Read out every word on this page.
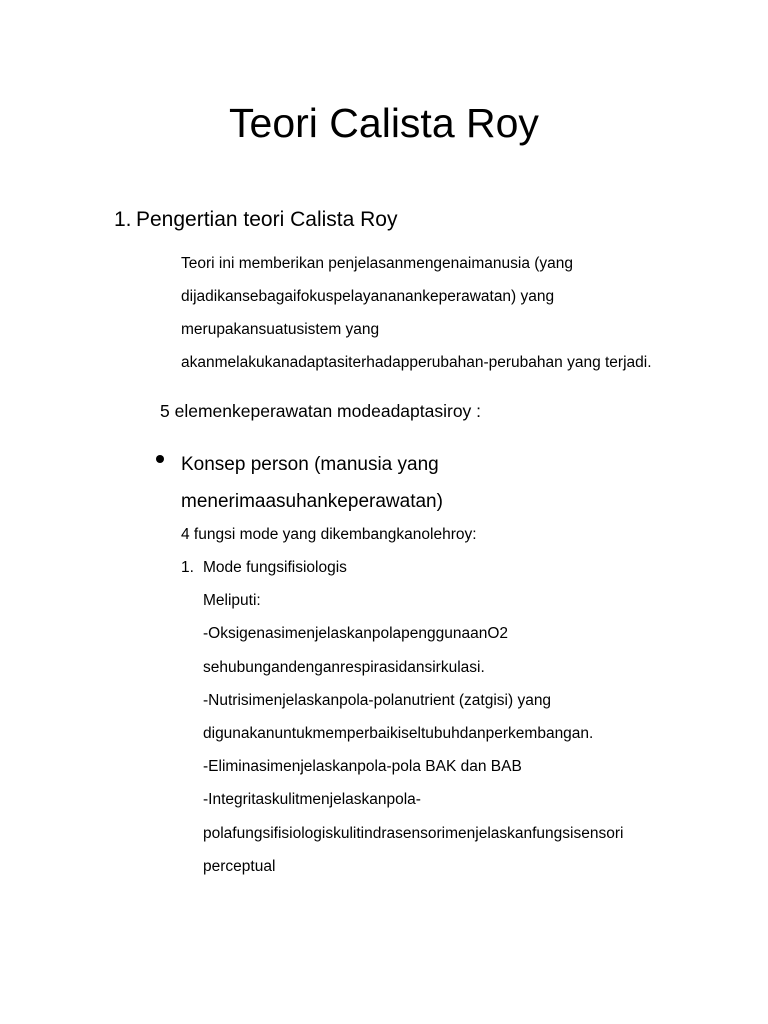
Teori Calista Roy
1. Pengertian teori Calista Roy
Teori ini memberikan penjelasanmengenaimanusia (yang
dijadikansebagaifokuspelayananankeperawatan) yang
merupakansuatusistem yang
akanmelakukanadaptasiterhadapperubahan-perubahan yang terjadi.
5 elemenkeperawatan modeadaptasiroy :
Konsep person (manusia yang
menerimaasuhankeperawatan)
4 fungsi mode yang dikembangkanolehroy:
1. Mode fungsifisiologis
Meliputi:
-OksigenasimenjelaskanpolapenggunaanO2
sehubungandenganrespirasidansirkulasi.
-Nutrisimenjelaskanpola-polanutrient (zatgisi) yang
digunakanuntukmemperbaikiseltubuhdanperkembangan.
-Eliminasimenjelaskanpola-pola BAK dan BAB
-Integritaskulitmenjelaskanpola-
polafungsifisiologiskulitindrasensorimenjelaskanfungsisensori
perceptual
